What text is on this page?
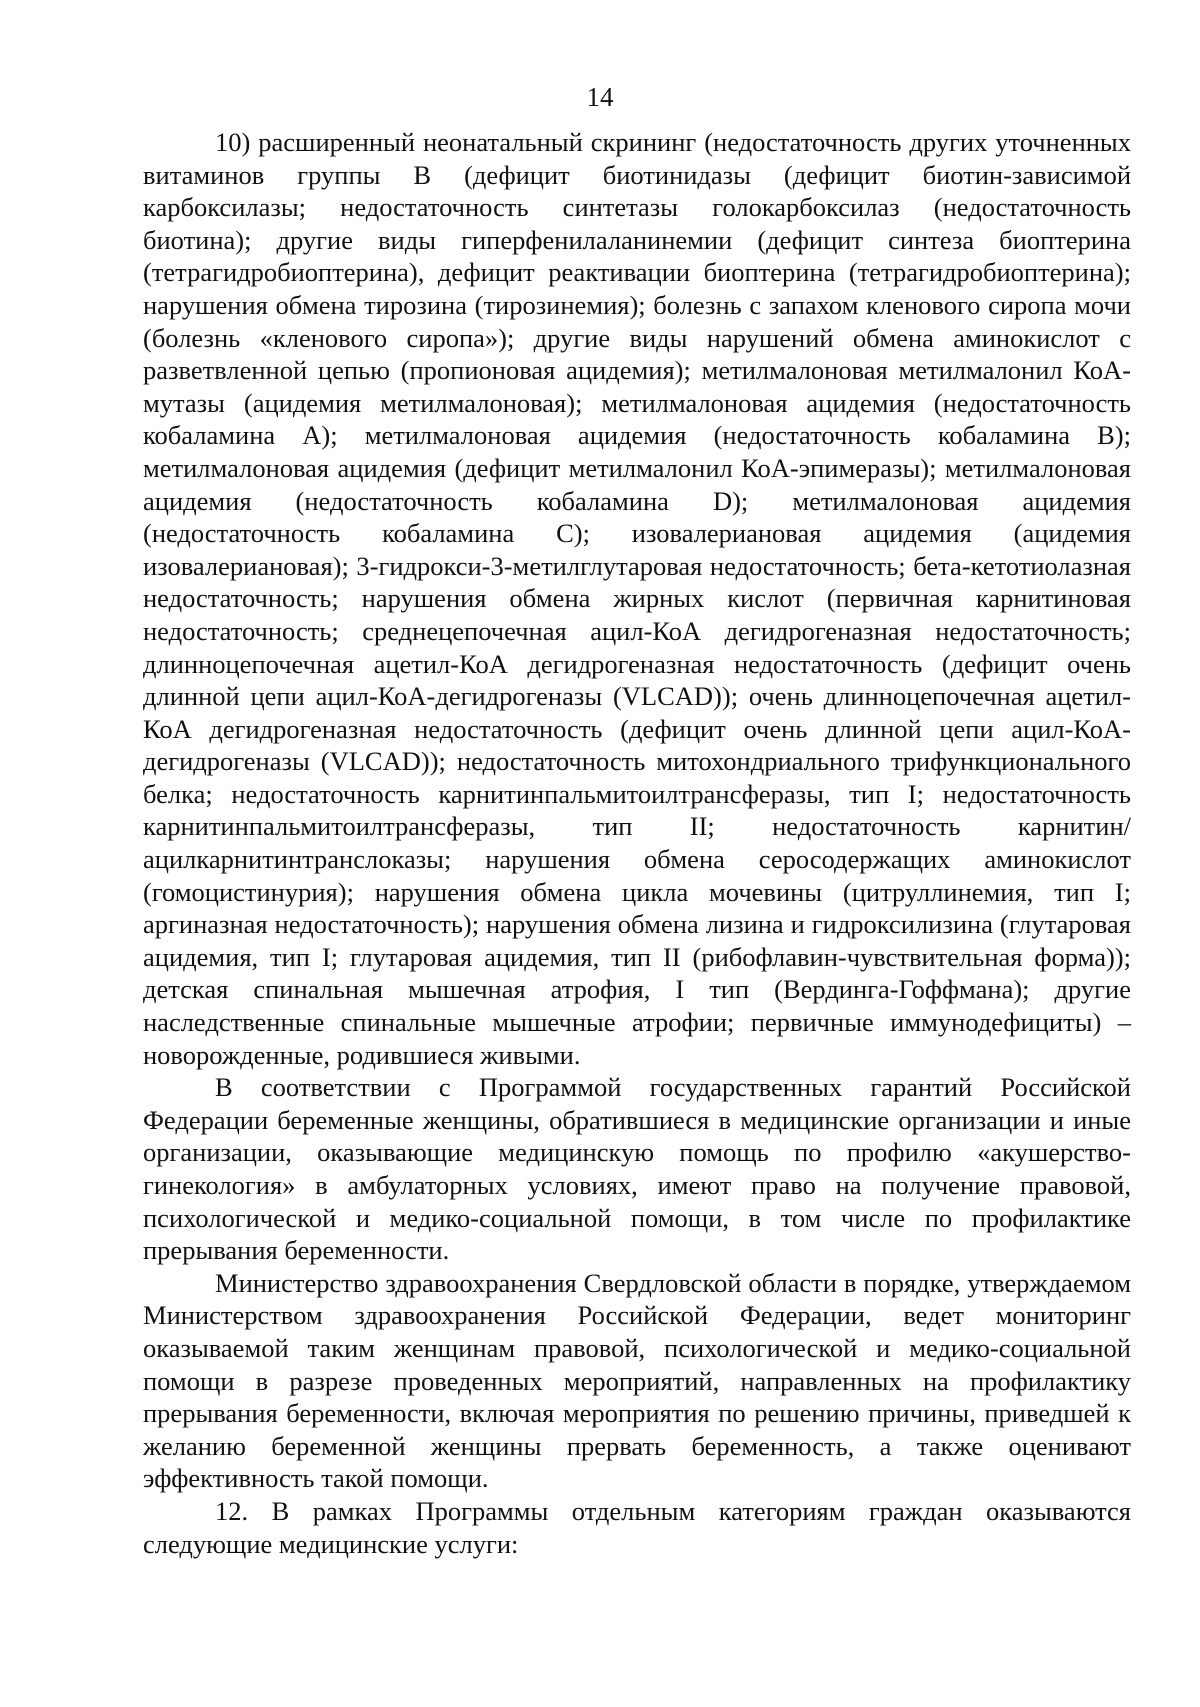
14

10) расширенный неонатальный скрининг (недостаточность других уточненных витаминов группы В (дефицит биотинидазы (дефицит биотин-зависимой карбоксилазы; недостаточность синтетазы голокарбоксилаз (недостаточность биотина); другие виды гиперфенилаланинемии (дефицит синтеза биоптерина (тетрагидробиоптерина), дефицит реактивации биоптерина (тетрагидробиоптерина); нарушения обмена тирозина (тирозинемия); болезнь с запахом кленового сиропа мочи (болезнь «кленового сиропа»); другие виды нарушений обмена аминокислот с разветвленной цепью (пропионовая ацидемия); метилмалоновая метилмалонил КоА-мутазы (ацидемия метилмалоновая); метилмалоновая ацидемия (недостаточность кобаламина А); метилмалоновая ацидемия (недостаточность кобаламина В); метилмалоновая ацидемия (дефицит метилмалонил КоА-эпимеразы); метилмалоновая ацидемия (недостаточность кобаламина D); метилмалоновая ацидемия (недостаточность кобаламина С); изовалериановая ацидемия (ацидемия изовалериановая); 3-гидрокси-3-метилглутаровая недостаточность; бета-кетотиолазная недостаточность; нарушения обмена жирных кислот (первичная карнитиновая недостаточность; среднецепочечная ацил-КоА дегидрогеназная недостаточность; длинноцепочечная ацетил-КоА дегидрогеназная недостаточность (дефицит очень длинной цепи ацил-КоА-дегидрогеназы (VLCAD)); очень длинноцепочечная ацетил-КоА дегидрогеназная недостаточность (дефицит очень длинной цепи ацил-КоА-дегидрогеназы (VLCAD)); недостаточность митохондриального трифункционального белка; недостаточность карнитинпальмитоилтрансферазы, тип I; недостаточность карнитинпальмитоилтрансферазы, тип II; недостаточность карнитин/ацилкарнитинтранслоказы; нарушения обмена серосодержащих аминокислот (гомоцистинурия); нарушения обмена цикла мочевины (цитруллинемия, тип I; аргиназная недостаточность); нарушения обмена лизина и гидроксилизина (глутаровая ацидемия, тип I; глутаровая ацидемия, тип II (рибофлавин-чувствительная форма)); детская спинальная мышечная атрофия, I тип (Вердинга-Гоффмана); другие наследственные спинальные мышечные атрофии; первичные иммунодефициты) – новорожденные, родившиеся живыми.

В соответствии с Программой государственных гарантий Российской Федерации беременные женщины, обратившиеся в медицинские организации и иные организации, оказывающие медицинскую помощь по профилю «акушерство-гинекология» в амбулаторных условиях, имеют право на получение правовой, психологической и медико-социальной помощи, в том числе по профилактике прерывания беременности.

Министерство здравоохранения Свердловской области в порядке, утверждаемом Министерством здравоохранения Российской Федерации, ведет мониторинг оказываемой таким женщинам правовой, психологической и медико-социальной помощи в разрезе проведенных мероприятий, направленных на профилактику прерывания беременности, включая мероприятия по решению причины, приведшей к желанию беременной женщины прервать беременность, а также оценивают эффективность такой помощи.

12. В рамках Программы отдельным категориям граждан оказываются следующие медицинские услуги:
